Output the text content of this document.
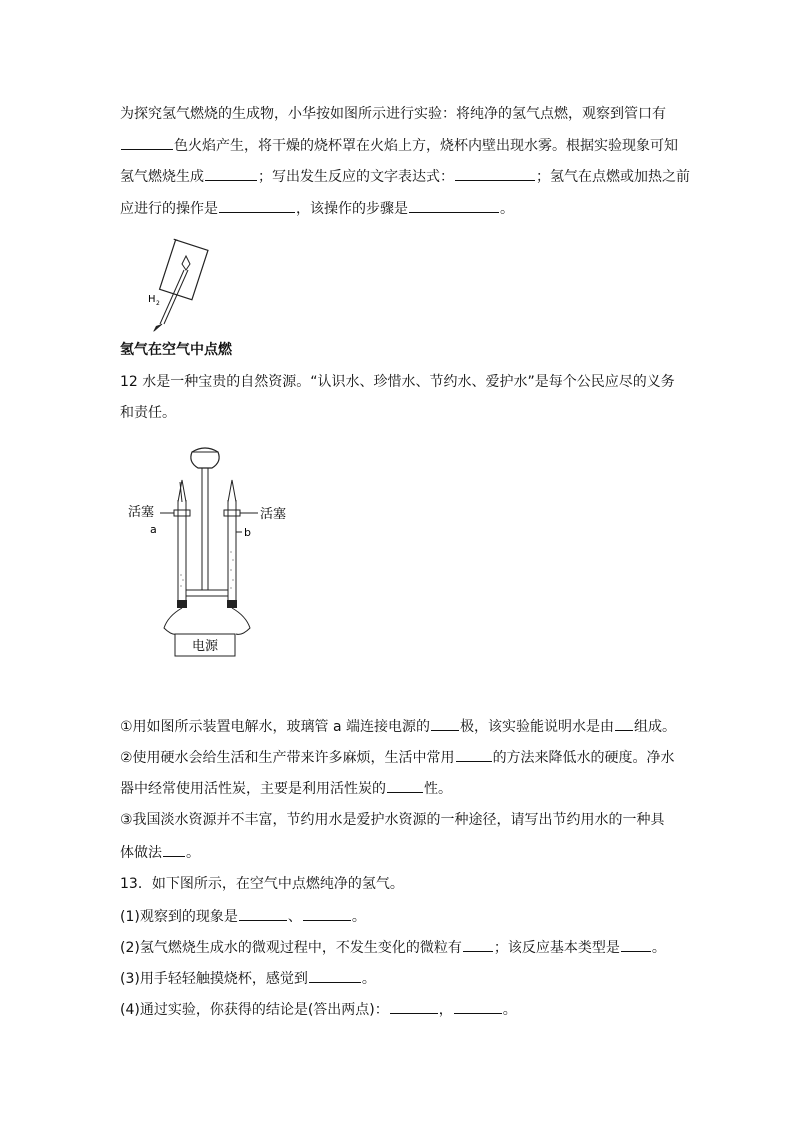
为探究氢气燃烧的生成物，小华按如图所示进行实验：将纯净的氢气点燃，观察到管口有
色火焰产生，将干燥的烧杯罩在火焰上方，烧杯内壁出现水雾。根据实验现象可知
氢气燃烧生成	；写出发生反应的文字表达式：	；氢气在点燃或加热之前
应进行的操作是	，该操作的步骤是	。
H 2
氢气在空气中点燃
12 水是一种宝贵的自然资源。“认识水、珍惜水、节约水、爱护水”是每个公民应尽的义务
和责任。
电源
活塞	活塞
a	b
①用如图所示装置电解水，玻璃管 a 端连接电源的 极，该实验能说明水是由 组成。
②使用硬水会给生活和生产带来许多麻烦，生活中常用	的方法来降低水的硬度。净水
器中经常使用活性炭，主要是利用活性炭的	性。
③我国淡水资源并不丰富，节约用水是爱护水资源的一种途径，请写出节约用水的一种具
体做法 。
13．如下图所示，在空气中点燃纯净的氢气。
(1)观察到的现象是	、	。
(2)氢气燃烧生成水的微观过程中，不发生变化的微粒有 ；该反应基本类型是 。
(3)用手轻轻触摸烧杯，感觉到	。
(4)通过实验，你获得的结论是(答出两点)：	，	。
